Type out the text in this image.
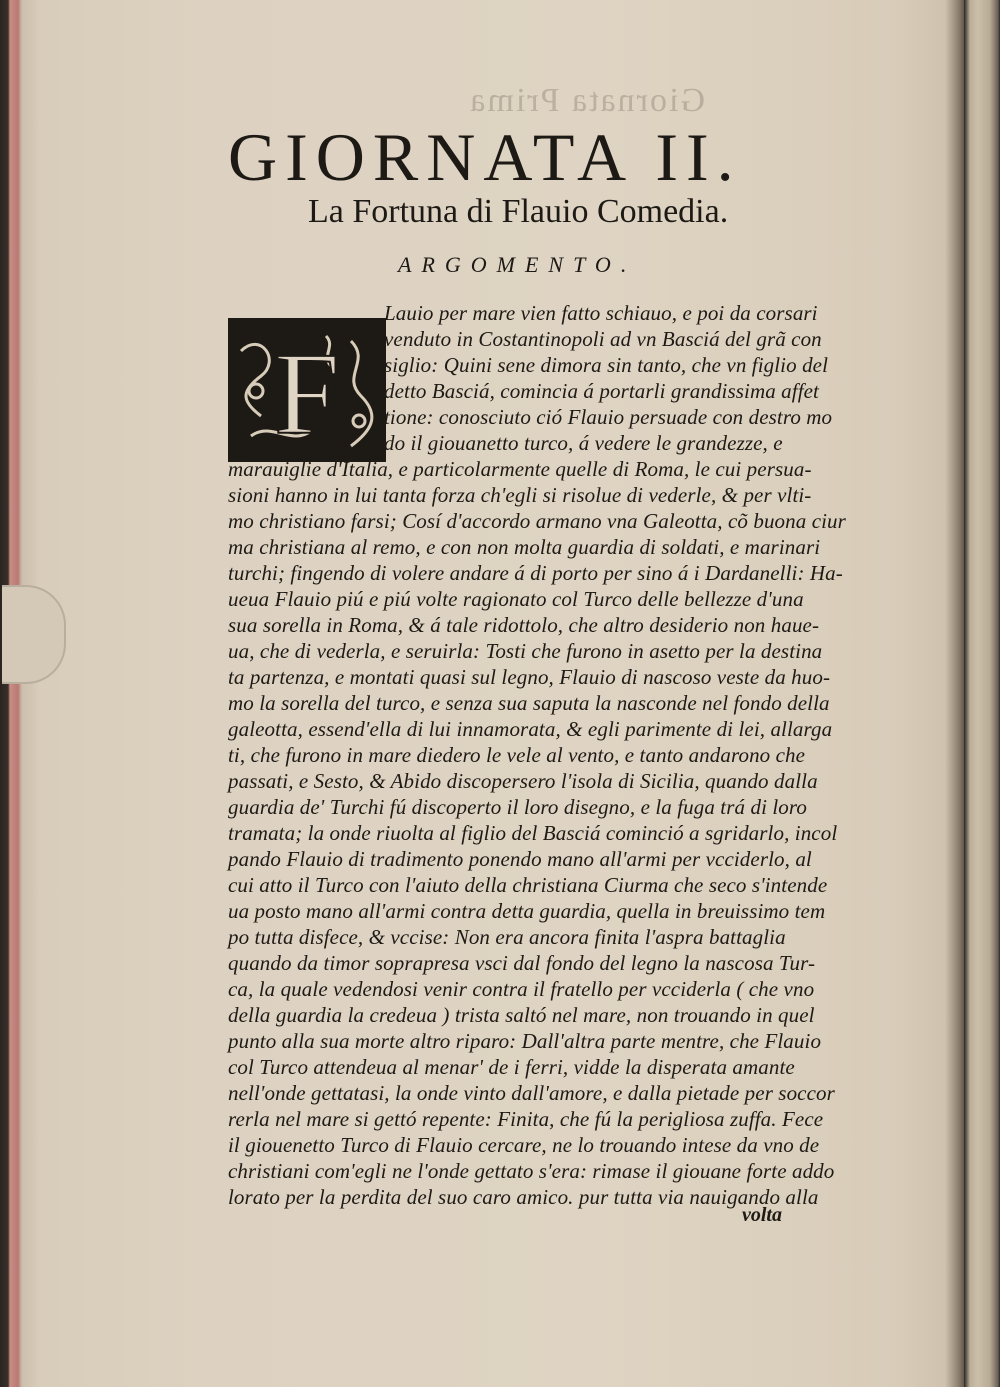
Giornata Prima
GIORNATA II.
La Fortuna di Flauio Comedia.
ARGOMENTO.
F
Lauio per mare vien fatto schiauo, e poi da corsari
venduto in Costantinopoli ad vn Basciá del grã con
siglio: Quini sene dimora sin tanto, che vn figlio del
detto Basciá, comincia á portarli grandissima affet
tione: conosciuto ció Flauio persuade con destro mo
do il giouanetto turco, á vedere le grandezze, e
marauiglie d'Italia, e particolarmente quelle di Roma, le cui persua-
sioni hanno in lui tanta forza ch'egli si risolue di vederle, & per vlti-
mo christiano farsi; Cosí d'accordo armano vna Galeotta, cõ buona ciur
ma christiana al remo, e con non molta guardia di soldati, e marinari
turchi; fingendo di volere andare á di porto per sino á i Dardanelli: Ha-
ueua Flauio piú e piú volte ragionato col Turco delle bellezze d'una
sua sorella in Roma, & á tale ridottolo, che altro desiderio non haue-
ua, che di vederla, e seruirla: Tosti che furono in asetto per la destina
ta partenza, e montati quasi sul legno, Flauio di nascoso veste da huo-
mo la sorella del turco, e senza sua saputa la nasconde nel fondo della
galeotta, essend'ella di lui innamorata, & egli parimente di lei, allarga
ti, che furono in mare diedero le vele al vento, e tanto andarono che
passati, e Sesto, & Abido discopersero l'isola di Sicilia, quando dalla
guardia de' Turchi fú discoperto il loro disegno, e la fuga trá di loro
tramata; la onde riuolta al figlio del Basciá cominció a sgridarlo, incol
pando Flauio di tradimento ponendo mano all'armi per vcciderlo, al
cui atto il Turco con l'aiuto della christiana Ciurma che seco s'intende
ua posto mano all'armi contra detta guardia, quella in breuissimo tem
po tutta disfece, & vccise: Non era ancora finita l'aspra battaglia
quando da timor soprapresa vsci dal fondo del legno la nascosa Tur-
ca, la quale vedendosi venir contra il fratello per vcciderla ( che vno
della guardia la credeua ) trista saltó nel mare, non trouando in quel
punto alla sua morte altro riparo: Dall'altra parte mentre, che Flauio
col Turco attendeua al menar' de i ferri, vidde la disperata amante
nell'onde gettatasi, la onde vinto dall'amore, e dalla pietade per soccor
rerla nel mare si gettó repente: Finita, che fú la perigliosa zuffa. Fece
il giouenetto Turco di Flauio cercare, ne lo trouando intese da vno de
christiani com'egli ne l'onde gettato s'era: rimase il giouane forte addo
lorato per la perdita del suo caro amico. pur tutta via nauigando alla
volta
